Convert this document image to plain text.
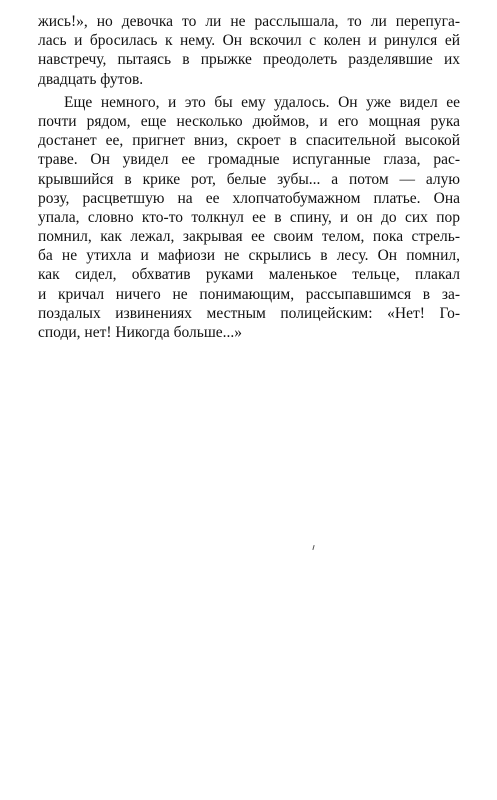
жись!», но девочка то ли не расслышала, то ли перепуга-
лась и бросилась к нему. Он вскочил с колен и ринулся ей
навстречу, пытаясь в прыжке преодолеть разделявшие их
двадцать футов.
Еще немного, и это бы ему удалось. Он уже видел ее
почти рядом, еще несколько дюймов, и его мощная рука
достанет ее, пригнет вниз, скроет в спасительной высокой
траве. Он увидел ее громадные испуганные глаза, рас-
крывшийся в крике рот, белые зубы... а потом — алую
розу, расцветшую на ее хлопчатобумажном платье. Она
упала, словно кто-то толкнул ее в спину, и он до сих пор
помнил, как лежал, закрывая ее своим телом, пока стрель-
ба не утихла и мафиози не скрылись в лесу. Он помнил,
как сидел, обхватив руками маленькое тельце, плакал
и кричал ничего не понимающим, рассыпавшимся в за-
поздалых извинениях местным полицейским: «Нет! Го-
споди, нет! Никогда больше...»
